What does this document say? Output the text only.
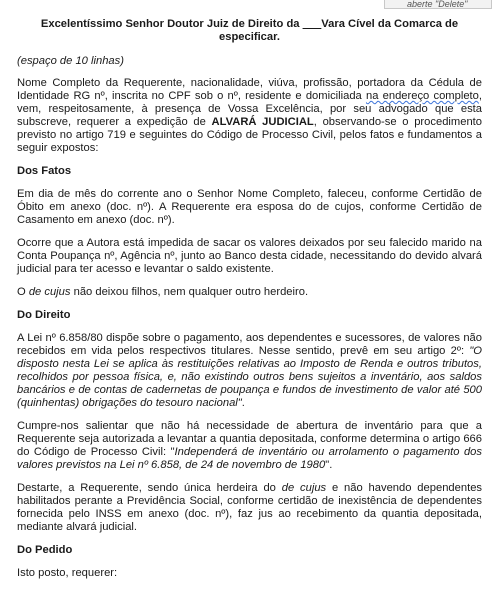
aberte "Delete"
Excelentíssimo Senhor Doutor Juiz de Direito da ___Vara Cível da Comarca de especificar.

(espaço de 10 linhas)

Nome Completo da Requerente, nacionalidade, viúva, profissão, portadora da Cédula de Identidade RG nº, inscrita no CPF sob o nº, residente e domiciliada na endereço completo, vem, respeitosamente, à presença de Vossa Excelência, por seu advogado que esta subscreve, requerer a expedição de ALVARÁ JUDICIAL, observando-se o procedimento previsto no artigo 719 e seguintes do Código de Processo Civil, pelos fatos e fundamentos a seguir expostos:

Dos Fatos

Em dia de mês do corrente ano o Senhor Nome Completo, faleceu, conforme Certidão de Óbito em anexo (doc. nº). A Requerente era esposa do de cujos, conforme Certidão de Casamento em anexo (doc. nº).

Ocorre que a Autora está impedida de sacar os valores deixados por seu falecido marido na Conta Poupança nº, Agência nº, junto ao Banco desta cidade, necessitando do devido alvará judicial para ter acesso e levantar o saldo existente.

O de cujus não deixou filhos, nem qualquer outro herdeiro.

Do Direito

A Lei nº 6.858/80 dispõe sobre o pagamento, aos dependentes e sucessores, de valores não recebidos em vida pelos respectivos titulares. Nesse sentido, prevê em seu artigo 2º: "O disposto nesta Lei se aplica às restituições relativas ao Imposto de Renda e outros tributos, recolhidos por pessoa física, e, não existindo outros bens sujeitos a inventário, aos saldos bancários e de contas de cadernetas de poupança e fundos de investimento de valor até 500 (quinhentas) obrigações do tesouro nacional".

Cumpre-nos salientar que não há necessidade de abertura de inventário para que a Requerente seja autorizada a levantar a quantia depositada, conforme determina o artigo 666 do Código de Processo Civil: "Independerá de inventário ou arrolamento o pagamento dos valores previstos na Lei nº 6.858, de 24 de novembro de 1980".

Destarte, a Requerente, sendo única herdeira do de cujus e não havendo dependentes habilitados perante a Previdência Social, conforme certidão de inexistência de dependentes fornecida pelo INSS em anexo (doc. nº), faz jus ao recebimento da quantia depositada, mediante alvará judicial.

Do Pedido

Isto posto, requerer:
